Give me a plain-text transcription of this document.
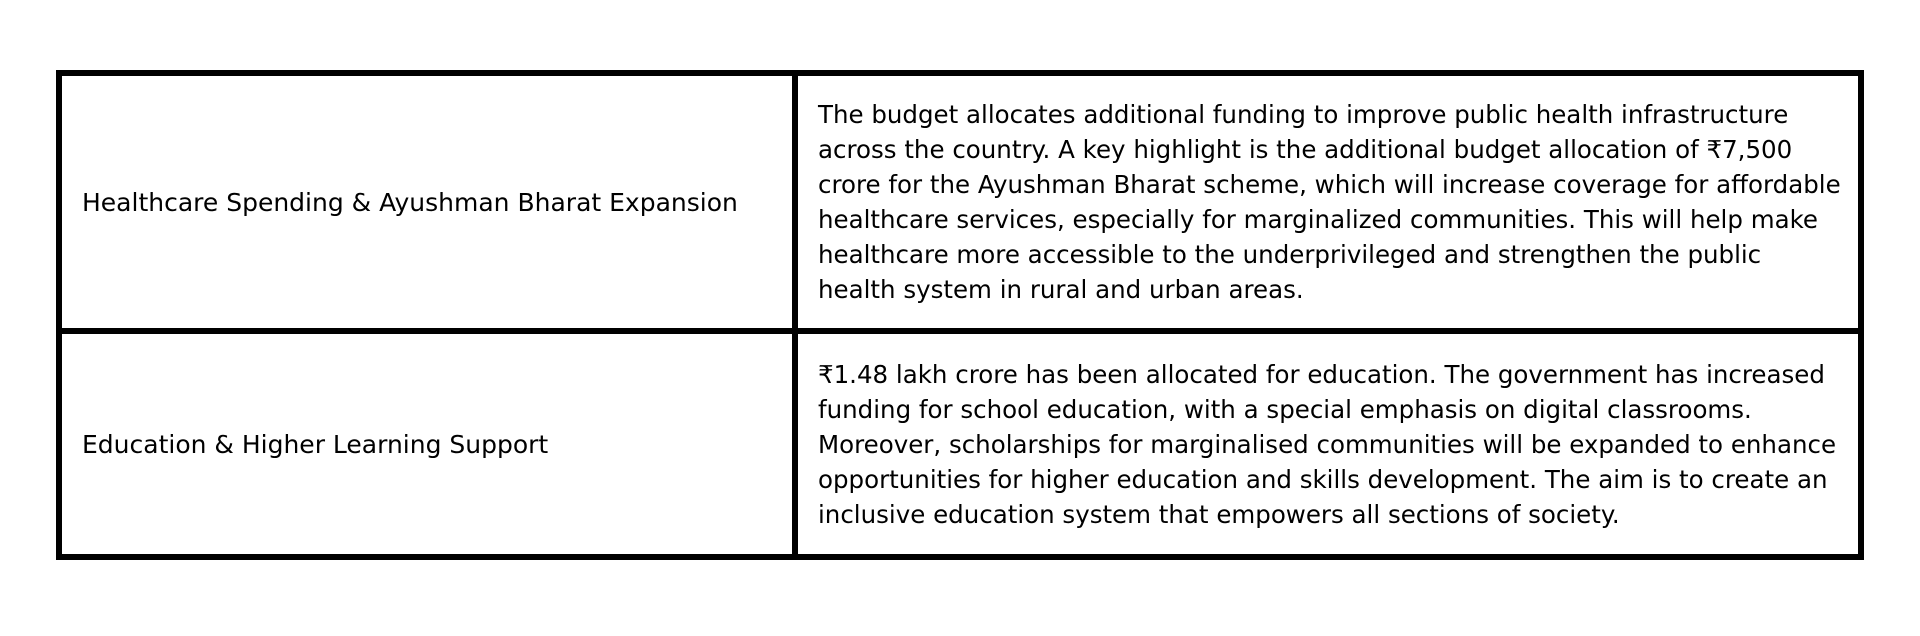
Healthcare Spending & Ayushman Bharat Expansion	The budget allocates additional funding to improve public health infrastructure across the country. A key highlight is the additional budget allocation of ₹7,500 crore for the Ayushman Bharat scheme, which will increase coverage for affordable healthcare services, especially for marginalized communities. This will help make healthcare more accessible to the underprivileged and strengthen the public health system in rural and urban areas.
Education & Higher Learning Support	₹1.48 lakh crore has been allocated for education. The government has increased funding for school education, with a special emphasis on digital classrooms. Moreover, scholarships for marginalised communities will be expanded to enhance opportunities for higher education and skills development. The aim is to create an inclusive education system that empowers all sections of society.
